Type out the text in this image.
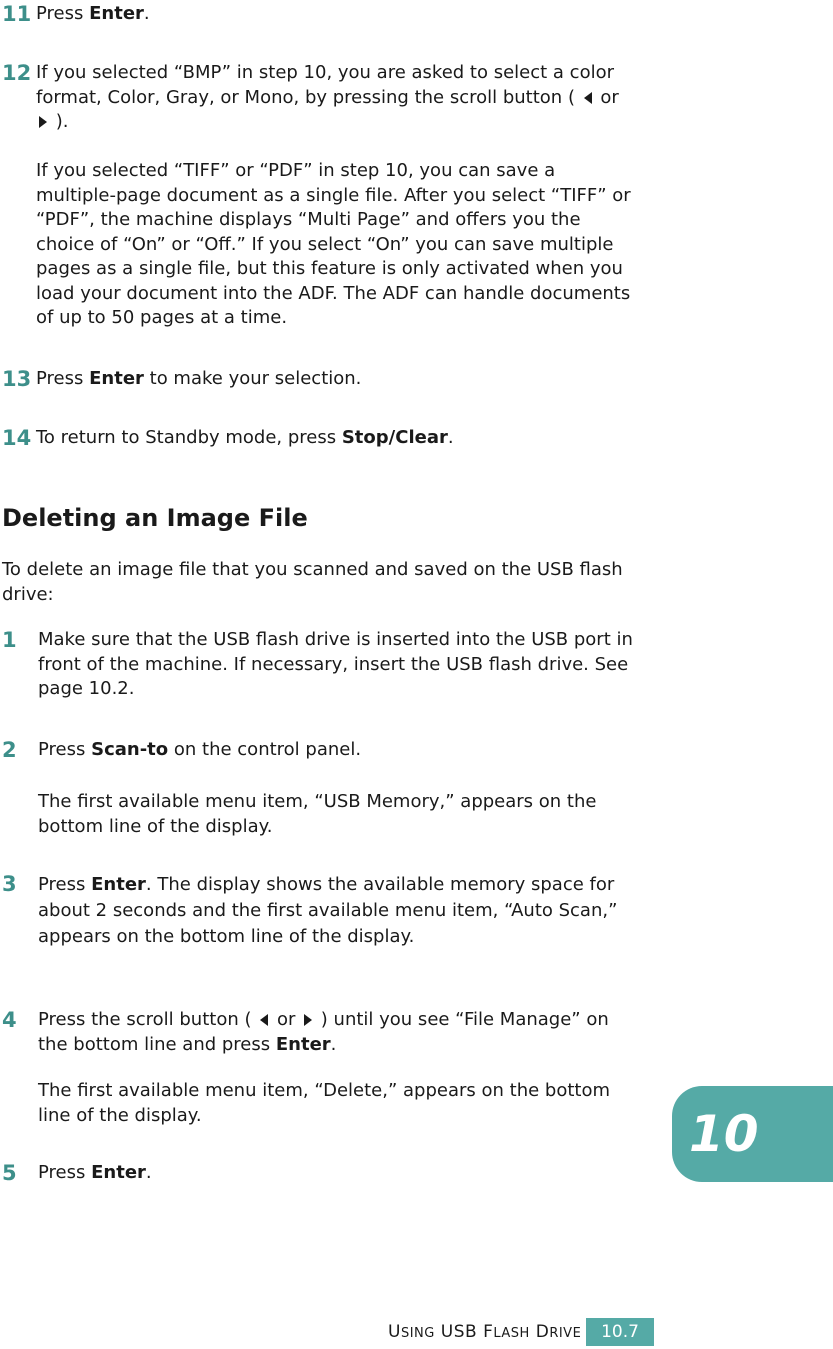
11 Press Enter.
12 If you selected “BMP” in step 10, you are asked to select a color format, Color, Gray, or Mono, by pressing the scroll button (  or  ).
If you selected “TIFF” or “PDF” in step 10, you can save a multiple-page document as a single file. After you select “TIFF” or “PDF”, the machine displays “Multi Page” and offers you the choice of “On” or “Off.” If you select “On” you can save multiple pages as a single file, but this feature is only activated when you load your document into the ADF. The ADF can handle documents of up to 50 pages at a time.
13 Press Enter to make your selection.
14 To return to Standby mode, press Stop/Clear.
Deleting an Image File
To delete an image file that you scanned and saved on the USB flash drive:
1 Make sure that the USB flash drive is inserted into the USB port in front of the machine. If necessary, insert the USB flash drive. See page 10.2.
2 Press Scan-to on the control panel.
The first available menu item, “USB Memory,” appears on the bottom line of the display.
3 Press Enter. The display shows the available memory space for about 2 seconds and the first available menu item, “Auto Scan,” appears on the bottom line of the display.
4 Press the scroll button (  or  ) until you see “File Manage” on the bottom line and press Enter.
The first available menu item, “Delete,” appears on the bottom line of the display.
5 Press Enter.
10
USING USB FLASH DRIVE	10.7
